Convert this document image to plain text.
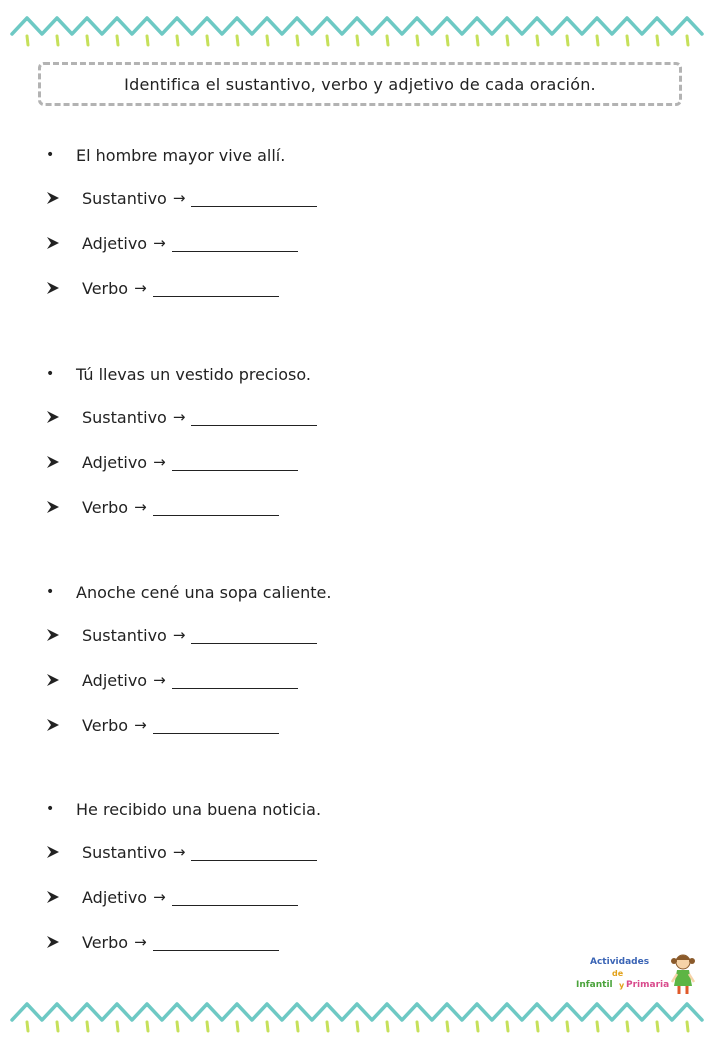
Identifica el sustantivo, verbo y adjetivo de cada oración.
•	El hombre mayor vive allí.
Sustantivo →
Adjetivo →
Verbo →
•	Tú llevas un vestido precioso.
Sustantivo →
Adjetivo →
Verbo →
•	Anoche cené una sopa caliente.
Sustantivo →
Adjetivo →
Verbo →
•	He recibido una buena noticia.
Sustantivo →
Adjetivo →
Verbo →
Actividades
de
Infantil y Primaria
